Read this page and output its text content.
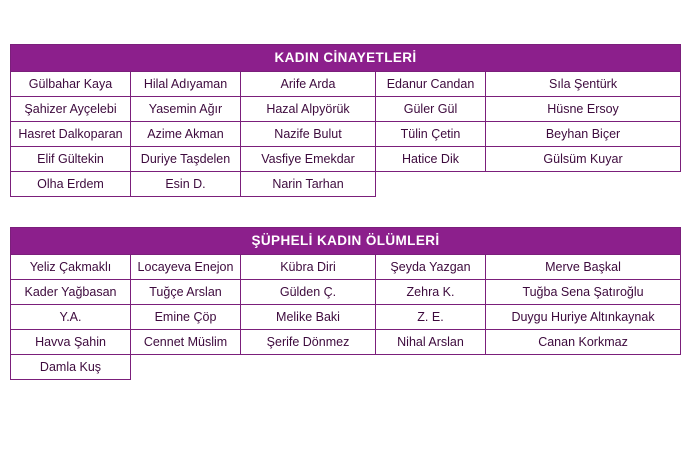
KADIN CİNAYETLERİ				
Gülbahar Kaya	Hilal Adıyaman	Arife Arda	Edanur Candan	Sıla Şentürk
Şahizer Ayçelebi	Yasemin Ağır	Hazal Alpyörük	Güler Gül	Hüsne Ersoy
Hasret Dalkoparan	Azime Akman	Nazife Bulut	Tülin Çetin	Beyhan Biçer
Elif Gültekin	Duriye Taşdelen	Vasfiye Emekdar	Hatice Dik	Gülsüm Kuyar
Olha Erdem	Esin D.	Narin Tarhan		
ŞÜPHELİ KADIN ÖLÜMLERİ				
Yeliz Çakmaklı	Locayeva Enejon	Kübra Diri	Şeyda Yazgan	Merve Başkal
Kader Yağbasan	Tuğçe Arslan	Gülden Ç.	Zehra K.	Tuğba Sena Şatıroğlu
Y.A.	Emine Çöp	Melike Baki	Z. E.	Duygu Huriye Altınkaynak
Havva Şahin	Cennet Müslim	Şerife Dönmez	Nihal Arslan	Canan Korkmaz
Damla Kuş				
